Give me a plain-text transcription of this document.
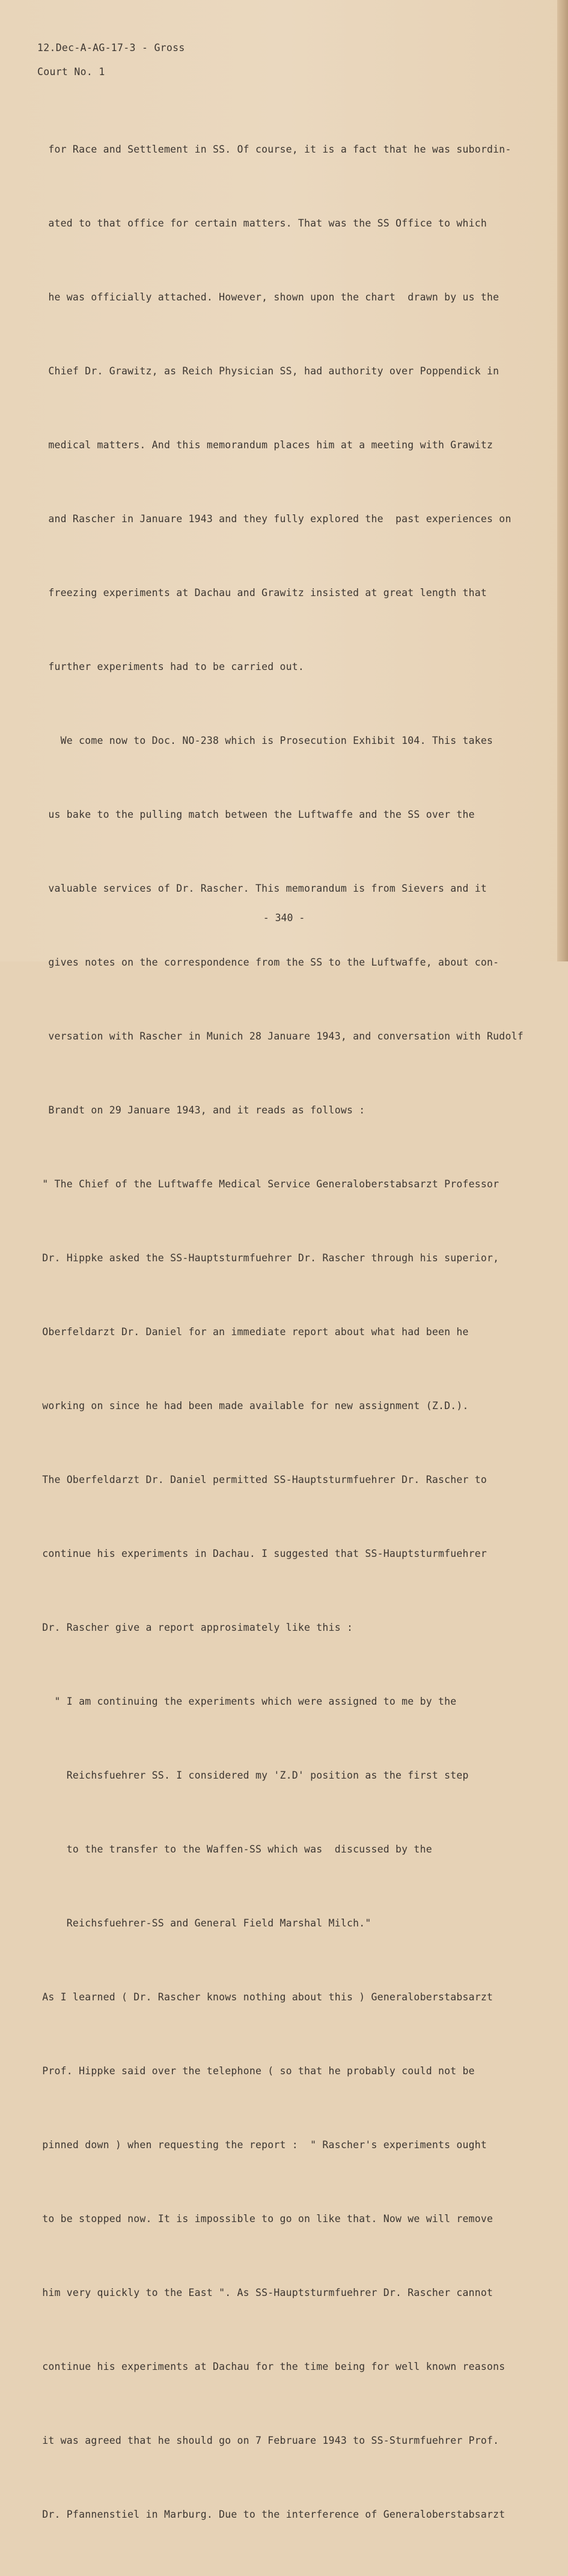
12.Dec-A-AG-17-3 - Gross
Court No. 1

for Race and Settlement in SS. Of course, it is a fact that he was subordin-

ated to that office for certain matters. That was the SS Office to which

he was officially attached. However, shown upon the chart  drawn by us the

Chief Dr. Grawitz, as Reich Physician SS, had authority over Poppendick in

medical matters. And this memorandum places him at a meeting with Grawitz

and Rascher in Januare 1943 and they fully explored the  past experiences on

freezing experiments at Dachau and Grawitz insisted at great length that

further experiments had to be carried out.

We come now to Doc. NO-238 which is Prosecution Exhibit 104. This takes

us bake to the pulling match between the Luftwaffe and the SS over the

valuable services of Dr. Rascher. This memorandum is from Sievers and it

gives notes on the correspondence from the SS to the Luftwaffe, about con-

versation with Rascher in Munich 28 Januare 1943, and conversation with Rudolf

Brandt on 29 Januare 1943, and it reads as follows :

" The Chief of the Luftwaffe Medical Service Generaloberstabsarzt Professor

Dr. Hippke asked the SS-Hauptsturmfuehrer Dr. Rascher through his superior,

Oberfeldarzt Dr. Daniel for an immediate report about what had been he

working on since he had been made available for new assignment (Z.D.).

The Oberfeldarzt Dr. Daniel permitted SS-Hauptsturmfuehrer Dr. Rascher to

continue his experiments in Dachau. I suggested that SS-Hauptsturmfuehrer

Dr. Rascher give a report approsimately like this :

" I am continuing the experiments which were assigned to me by the

Reichsfuehrer SS. I considered my 'Z.D' position as the first step

to the transfer to the Waffen-SS which was  discussed by the

Reichsfuehrer-SS and General Field Marshal Milch."

As I learned ( Dr. Rascher knows nothing about this ) Generaloberstabsarzt

Prof. Hippke said over the telephone ( so that he probably could not be

pinned down ) when requesting the report :  " Rascher's experiments ought

to be stopped now. It is impossible to go on like that. Now we will remove

him very quickly to the East ". As SS-Hauptsturmfuehrer Dr. Rascher cannot

continue his experiments at Dachau for the time being for well known reasons

it was agreed that he should go on 7 Februare 1943 to SS-Sturmfuehrer Prof.

Dr. Pfannenstiel in Marburg. Due to the interference of Generaloberstabsarzt

- 340 -
